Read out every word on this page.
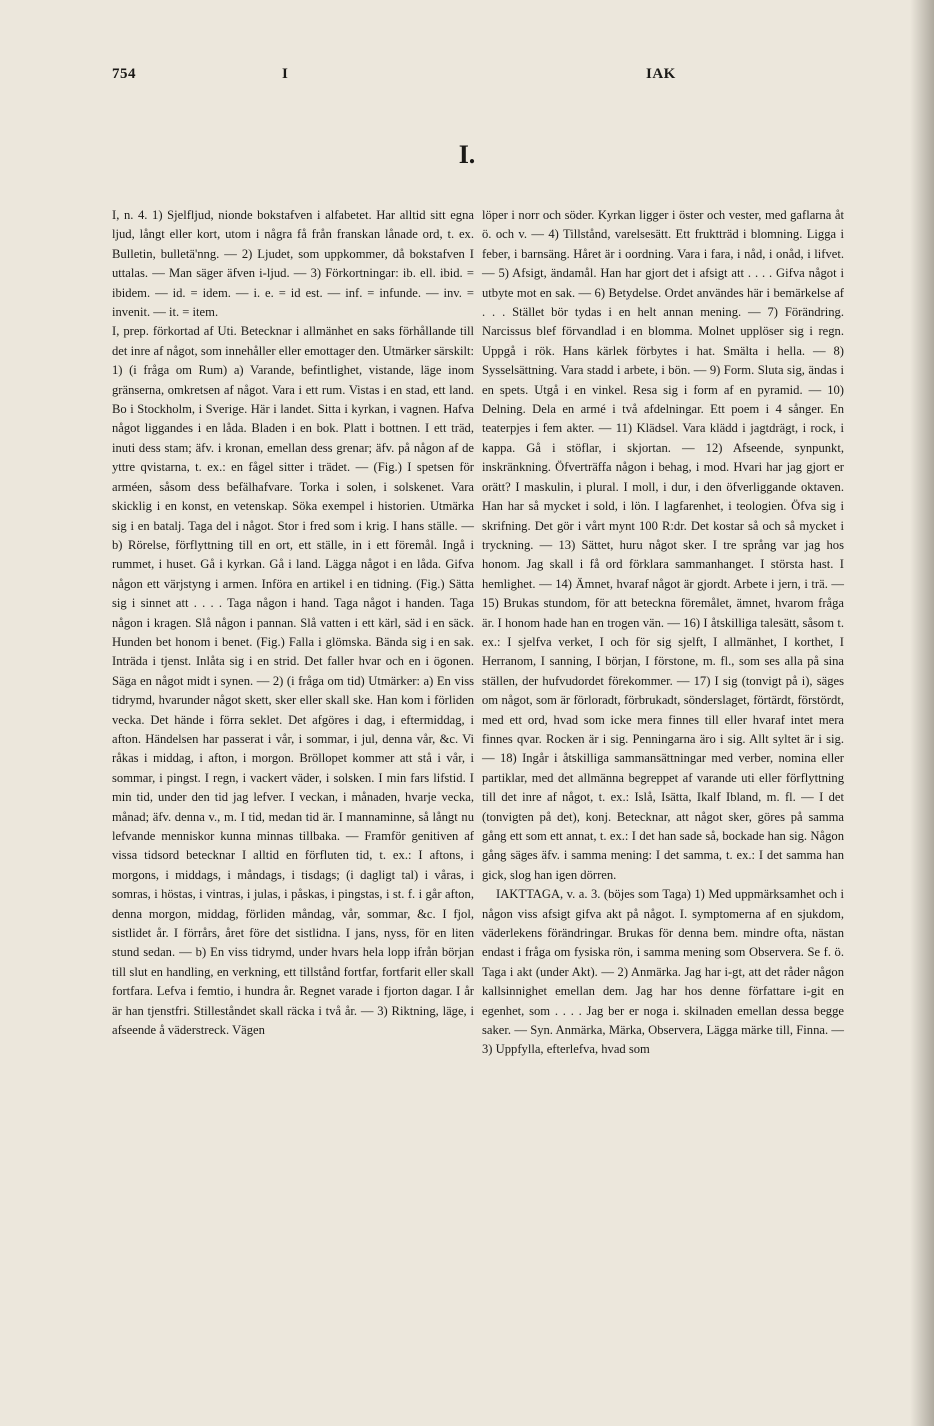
754	I	IAK
I.

I, n. 4. 1) Sjelfljud, nionde bokstafven i alfabetet. Har alltid sitt egna ljud, långt eller kort, utom i några få från franskan lånade ord, t. ex. Bulletin, bulletä'nng. — 2) Ljudet, som uppkommer, då bokstafven I uttalas. — Man säger äfven i-ljud. — 3) Förkortningar: ib. ell. ibid. = ibidem. — id. = idem. — i. e. = id est. — inf. = infunde. — inv. = invenit. — it. = item.

I, prep. förkortad af Uti. Betecknar i allmänhet en saks förhållande till det inre af något, som innehåller eller emottager den. Utmärker särskilt: 1) (i fråga om Rum) a) Varande, befintlighet, vistande, läge inom gränserna, omkretsen af något. Vara i ett rum. Vistas i en stad, ett land. Bo i Stockholm, i Sverige. Här i landet. Sitta i kyrkan, i vagnen. Hafva något liggandes i en låda. Bladen i en bok. Platt i bottnen. I ett träd, inuti dess stam; äfv. i kronan, emellan dess grenar; äfv. på någon af de yttre qvistarna, t. ex.: en fågel sitter i trädet. — (Fig.) I spetsen för arméen, såsom dess befälhafvare. Torka i solen, i solskenet. Vara skicklig i en konst, en vetenskap. Söka exempel i historien. Utmärka sig i en batalj. Taga del i något. Stor i fred som i krig. I hans ställe. — b) Rörelse, förflyttning till en ort, ett ställe, in i ett föremål. Ingå i rummet, i huset. Gå i kyrkan. Gå i land. Lägga något i en låda. Gifva någon ett värjstyng i armen. Införa en artikel i en tidning. (Fig.) Sätta sig i sinnet att . . . . Taga någon i hand. Taga något i handen. Taga någon i kragen. Slå någon i pannan. Slå vatten i ett kärl, säd i en säck. Hunden bet honom i benet. (Fig.) Falla i glömska. Bända sig i en sak. Inträda i tjenst. Inlåta sig i en strid. Det faller hvar och en i ögonen. Säga en något midt i synen. — 2) (i fråga om tid) Utmärker: a) En viss tidrymd, hvarunder något skett, sker eller skall ske. Han kom i förliden vecka. Det hände i förra seklet. Det afgöres i dag, i eftermiddag, i afton. Händelsen har passerat i vår, i sommar, i jul, denna vår, &c. Vi råkas i middag, i afton, i morgon. Bröllopet kommer att stå i vår, i sommar, i pingst. I regn, i vackert väder, i solsken. I min fars lifstid. I min tid, under den tid jag lefver. I veckan, i månaden, hvarje vecka, månad; äfv. denna v., m. I tid, medan tid är. I mannaminne, så långt nu lefvande menniskor kunna minnas tillbaka. — Framför genitiven af vissa tidsord betecknar I alltid en förfluten tid, t. ex.: I aftons, i morgons, i middags, i måndags, i tisdags; (i dagligt tal) i våras, i somras, i höstas, i vintras, i julas, i påskas, i pingstas, i st. f. i går afton, denna morgon, middag, förliden måndag, vår, sommar, &c. I fjol, sistlidet år. I förrårs, året före det sistlidna. I jans, nyss, för en liten stund sedan. — b) En viss tidrymd, under hvars hela lopp ifrån början till slut en handling, en verkning, ett tillstånd fortfar, fortfarit eller skall fortfara. Lefva i femtio, i hundra år. Regnet varade i fjorton dagar. I år är han tjenstfri. Stilleståndet skall räcka i två år. — 3) Riktning, läge, i afseende å väderstreck. Vägen

löper i norr och söder. Kyrkan ligger i öster och vester, med gaflarna åt ö. och v. — 4) Tillstånd, varelsesätt. Ett fruktträd i blomning. Ligga i feber, i barnsäng. Håret är i oordning. Vara i fara, i nåd, i onåd, i lifvet. — 5) Afsigt, ändamål. Han har gjort det i afsigt att . . . . Gifva något i utbyte mot en sak. — 6) Betydelse. Ordet användes här i bemärkelse af . . . Stället bör tydas i en helt annan mening. — 7) Förändring. Narcissus blef förvandlad i en blomma. Molnet upplöser sig i regn. Uppgå i rök. Hans kärlek förbytes i hat. Smälta i hella. — 8) Sysselsättning. Vara stadd i arbete, i bön. — 9) Form. Sluta sig, ändas i en spets. Utgå i en vinkel. Resa sig i form af en pyramid. — 10) Delning. Dela en armé i två afdelningar. Ett poem i 4 sånger. En teaterpjes i fem akter. — 11) Klädsel. Vara klädd i jagtdrägt, i rock, i kappa. Gå i stöflar, i skjortan. — 12) Afseende, synpunkt, inskränkning. Öfverträffa någon i behag, i mod. Hvari har jag gjort er orätt? I maskulin, i plural. I moll, i dur, i den öfverliggande oktaven. Han har så mycket i sold, i lön. I lagfarenhet, i teologien. Öfva sig i skrifning. Det gör i vårt mynt 100 R:dr. Det kostar så och så mycket i tryckning. — 13) Sättet, huru något sker. I tre språng var jag hos honom. Jag skall i få ord förklara sammanhanget. I största hast. I hemlighet. — 14) Ämnet, hvaraf något är gjordt. Arbete i jern, i trä. — 15) Brukas stundom, för att beteckna föremålet, ämnet, hvarom fråga är. I honom hade han en trogen vän. — 16) I åtskilliga talesätt, såsom t. ex.: I sjelfva verket, I och för sig sjelft, I allmänhet, I korthet, I Herranom, I sanning, I början, I förstone, m. fl., som ses alla på sina ställen, der hufvudordet förekommer. — 17) I sig (tonvigt på i), säges om något, som är förloradt, förbrukadt, sönderslaget, förtärdt, förstördt, med ett ord, hvad som icke mera finnes till eller hvaraf intet mera finnes qvar. Rocken är i sig. Penningarna äro i sig. Allt syltet är i sig. — 18) Ingår i åtskilliga sammansättningar med verber, nomina eller partiklar, med det allmänna begreppet af varande uti eller förflyttning till det inre af något, t. ex.: Islå, Isätta, Ikalf Ibland, m. fl. — I det (tonvigten på det), konj. Betecknar, att något sker, göres på samma gång ett som ett annat, t. ex.: I det han sade så, bockade han sig. Någon gång säges äfv. i samma mening: I det samma, t. ex.: I det samma han gick, slog han igen dörren.

IAKTTAGA, v. a. 3. (böjes som Taga) 1) Med uppmärksamhet och i någon viss afsigt gifva akt på något. I. symptomerna af en sjukdom, väderlekens förändringar. Brukas för denna bem. mindre ofta, nästan endast i fråga om fysiska rön, i samma mening som Observera. Se f. ö. Taga i akt (under Akt). — 2) Anmärka. Jag har i-gt, att det råder någon kallsinnighet emellan dem. Jag har hos denne författare i-git en egenhet, som . . . . Jag ber er noga i. skilnaden emellan dessa begge saker. — Syn. Anmärka, Märka, Observera, Lägga märke till, Finna. — 3) Uppfylla, efterlefva, hvad som
